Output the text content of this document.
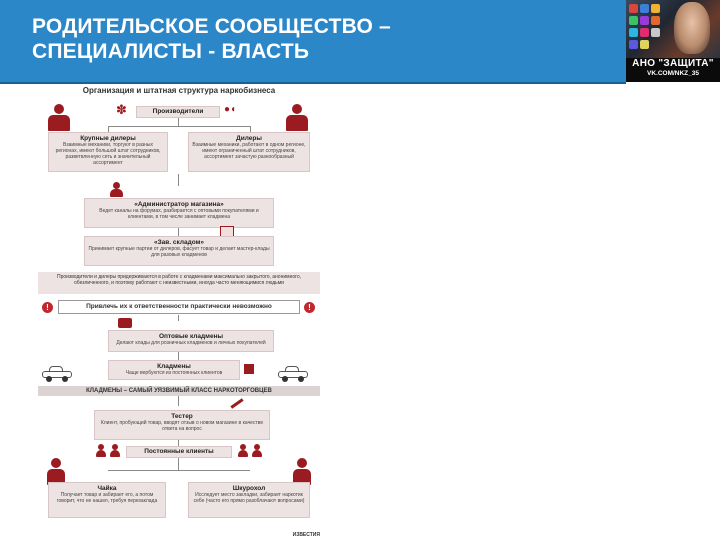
РОДИТЕЛЬСКОЕ СООБЩЕСТВО –
СПЕЦИАЛИСТЫ - ВЛАСТЬ
АНО "ЗАЩИТА"
VK.COM/NKZ_35
Организация и штатная структура наркобизнеса
✽	●◖
Производители
Крупные дилеры
Взаимные механики, торгуют в разных регионах, имеют большой штат сотрудников, разветвленную сеть и значительный ассортимент
Дилеры
Взаимные механики, работают в одном регионе, имеют ограниченный штат сотрудников, ассортимент зачастую разнообразный
«Администратор магазина»
Ведет каналы на форумах, разбирается с оптовыми покупателями и клиентами, в том числе занимает кладмена
«Зав. складом»
Принимает крупные партии от дилеров, фасует товар и делает мастер-клады для разовых кладменов
Производители и дилеры придерживаются в работе с кладменами максимально закрытого, анонимного, обезличенного, и поэтому работают с неизвестными, иногда часто меняющимися людьми
!	Привлечь их к ответственности практически невозможно	!
Оптовые кладмены
Делают клады для розничных кладменов и личных покупателей
Кладмены
Чаще вербуются из постоянных клиентов
КЛАДМЕНЫ – САМЫЙ УЯЗВИМЫЙ КЛАСС НАРКОТОРГОВЦЕВ
Тестер
Клиент, пробующий товар, вводят отзыв о новом магазине в качестве ответа на вопрос
Постоянные клиенты
Чайка
Получает товар и забирает его, а потом говорит, что не нашел, требуя перезаклада
Шкурохол
Исследует место закладки, забирает наркотик себе (часто его прямо разоблачают вопросами)
ИЗВЕСТИЯ
